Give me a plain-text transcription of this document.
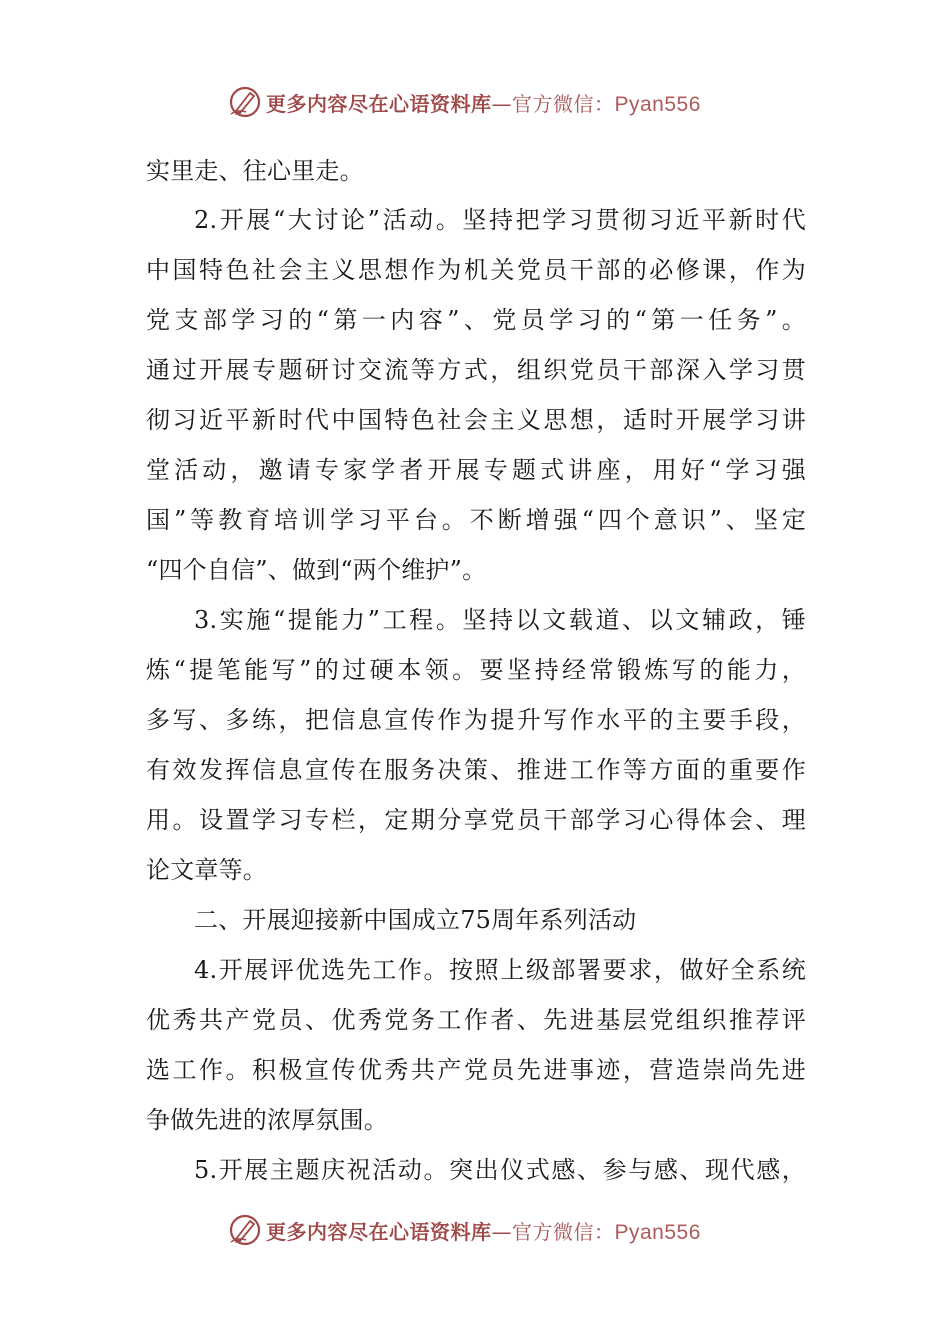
更多内容尽在心语资料库—官方微信：Pyan556
实里走、往心里走。
2.开展“大讨论”活动。坚持把学习贯彻习近平新时代
中国特色社会主义思想作为机关党员干部的必修课，作为
党支部学习的“第一内容”、党员学习的“第一任务”。
通过开展专题研讨交流等方式，组织党员干部深入学习贯
彻习近平新时代中国特色社会主义思想，适时开展学习讲
堂活动，邀请专家学者开展专题式讲座，用好“学习强
国”等教育培训学习平台。不断增强“四个意识”、坚定
“四个自信”、做到“两个维护”。
3.实施“提能力”工程。坚持以文载道、以文辅政，锤
炼“提笔能写”的过硬本领。要坚持经常锻炼写的能力，
多写、多练，把信息宣传作为提升写作水平的主要手段，
有效发挥信息宣传在服务决策、推进工作等方面的重要作
用。设置学习专栏，定期分享党员干部学习心得体会、理
论文章等。
二、开展迎接新中国成立75周年系列活动
4.开展评优选先工作。按照上级部署要求，做好全系统
优秀共产党员、优秀党务工作者、先进基层党组织推荐评
选工作。积极宣传优秀共产党员先进事迹，营造崇尚先进
争做先进的浓厚氛围。
5.开展主题庆祝活动。突出仪式感、参与感、现代感，
更多内容尽在心语资料库—官方微信：Pyan556
